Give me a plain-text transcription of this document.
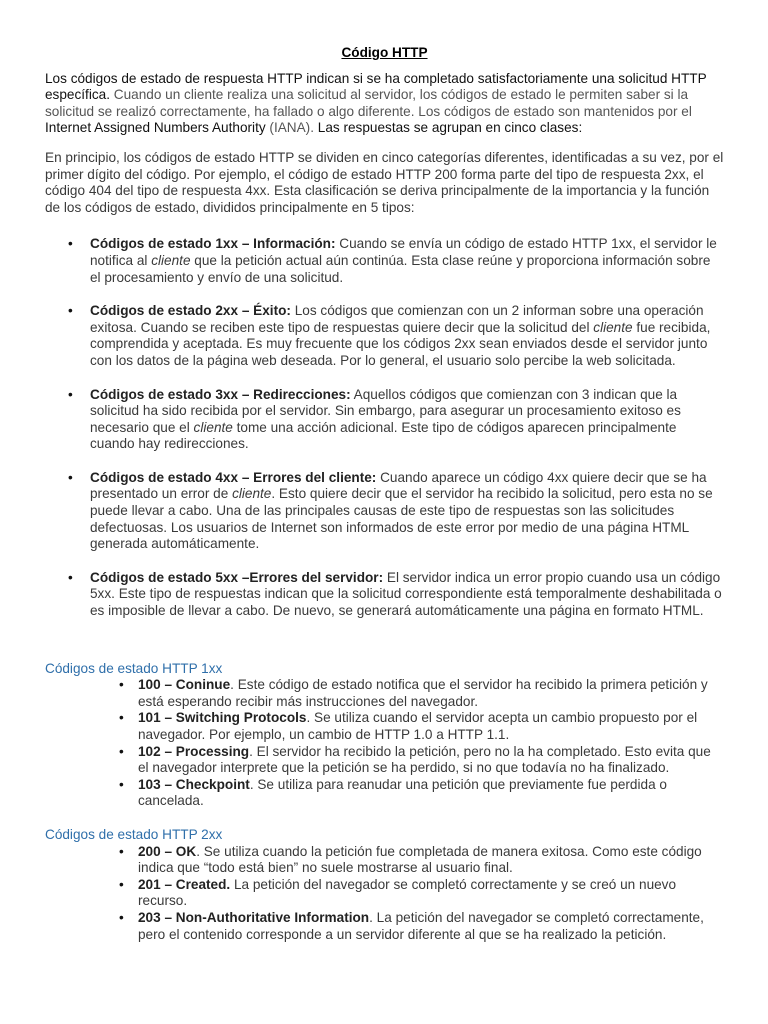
Código HTTP

Los códigos de estado de respuesta HTTP indican si se ha completado satisfactoriamente una solicitud HTTP específica. Cuando un cliente realiza una solicitud al servidor, los códigos de estado le permiten saber si la solicitud se realizó correctamente, ha fallado o algo diferente. Los códigos de estado son mantenidos por el Internet Assigned Numbers Authority (IANA). Las respuestas se agrupan en cinco clases:

En principio, los códigos de estado HTTP se dividen en cinco categorías diferentes, identificadas a su vez, por el primer dígito del código. Por ejemplo, el código de estado HTTP 200 forma parte del tipo de respuesta 2xx, el código 404 del tipo de respuesta 4xx. Esta clasificación se deriva principalmente de la importancia y la función de los códigos de estado, divididos principalmente en 5 tipos:

• Códigos de estado 1xx – Información: Cuando se envía un código de estado HTTP 1xx, el servidor le notifica al cliente que la petición actual aún continúa. Esta clase reúne y proporciona información sobre el procesamiento y envío de una solicitud.
• Códigos de estado 2xx – Éxito: Los códigos que comienzan con un 2 informan sobre una operación exitosa. Cuando se reciben este tipo de respuestas quiere decir que la solicitud del cliente fue recibida, comprendida y aceptada. Es muy frecuente que los códigos 2xx sean enviados desde el servidor junto con los datos de la página web deseada. Por lo general, el usuario solo percibe la web solicitada.
• Códigos de estado 3xx – Redirecciones: Aquellos códigos que comienzan con 3 indican que la solicitud ha sido recibida por el servidor. Sin embargo, para asegurar un procesamiento exitoso es necesario que el cliente tome una acción adicional. Este tipo de códigos aparecen principalmente cuando hay redirecciones.
• Códigos de estado 4xx – Errores del cliente: Cuando aparece un código 4xx quiere decir que se ha presentado un error de cliente. Esto quiere decir que el servidor ha recibido la solicitud, pero esta no se puede llevar a cabo. Una de las principales causas de este tipo de respuestas son las solicitudes defectuosas. Los usuarios de Internet son informados de este error por medio de una página HTML generada automáticamente.
• Códigos de estado 5xx –Errores del servidor: El servidor indica un error propio cuando usa un código 5xx. Este tipo de respuestas indican que la solicitud correspondiente está temporalmente deshabilitada o es imposible de llevar a cabo. De nuevo, se generará automáticamente una página en formato HTML.

Códigos de estado HTTP 1xx

• 100 – Coninue. Este código de estado notifica que el servidor ha recibido la primera petición y está esperando recibir más instrucciones del navegador.
• 101 – Switching Protocols. Se utiliza cuando el servidor acepta un cambio propuesto por el navegador. Por ejemplo, un cambio de HTTP 1.0 a HTTP 1.1.
• 102 – Processing. El servidor ha recibido la petición, pero no la ha completado. Esto evita que el navegador interprete que la petición se ha perdido, si no que todavía no ha finalizado.
• 103 – Checkpoint. Se utiliza para reanudar una petición que previamente fue perdida o cancelada.

Códigos de estado HTTP 2xx

• 200 – OK. Se utiliza cuando la petición fue completada de manera exitosa. Como este código indica que “todo está bien” no suele mostrarse al usuario final.
• 201 – Created. La petición del navegador se completó correctamente y se creó un nuevo recurso.
• 203 – Non-Authoritative Information. La petición del navegador se completó correctamente, pero el contenido corresponde a un servidor diferente al que se ha realizado la petición.
